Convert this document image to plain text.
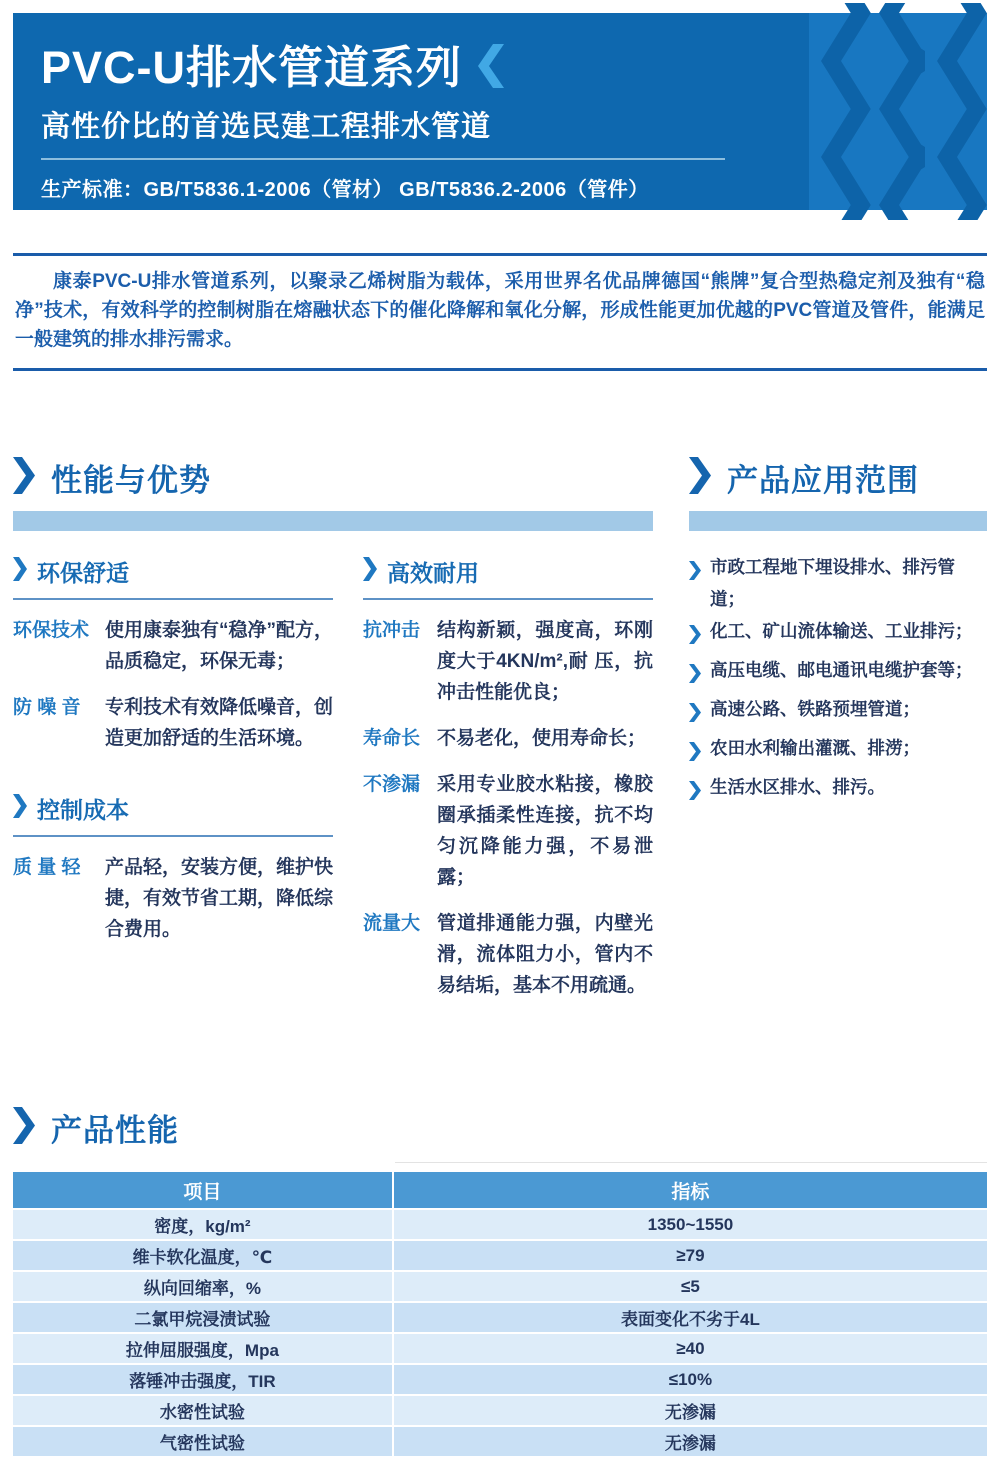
PVC-U排水管道系列
高性价比的首选民建工程排水管道
生产标准：GB/T5836.1-2006（管材） GB/T5836.2-2006（管件）

康泰PVC-U排水管道系列，以聚录乙烯树脂为载体，采用世界名优品牌德国“熊牌”复合型热稳定剂及独有“稳净”技术，有效科学的控制树脂在熔融状态下的催化降解和氧化分解，形成性能更加优越的PVC管道及管件，能满足一般建筑的排水排污需求。

性能与优势
环保舒适
环保技术 使用康泰独有“稳净”配方，品质稳定，环保无毒；
防 噪 音	专利技术有效降低噪音，创造更加舒适的生活环境。
控制成本
质 量 轻	产品轻，安装方便，维护快捷，有效节省工期，降低综合费用。
高效耐用
抗冲击 结构新颖，强度高，环刚度大于4KN/m²,耐 压，抗冲击性能优良；
寿命长 不易老化，使用寿命长；
不渗漏 采用专业胶水粘接，橡胶圈承插柔性连接，抗不均匀沉降能力强，不易泄露；
流量大 管道排通能力强，内壁光滑，流体阻力小，管内不易结垢，基本不用疏通。
产品应用范围
市政工程地下埋设排水、排污管道；
化工、矿山流体输送、工业排污；
高压电缆、邮电通讯电缆护套等；
高速公路、铁路预埋管道；
农田水利输出灌溉、排涝；
生活水区排水、排污。
产品性能
项目	指标
密度，kg/m²	1350~1550
维卡软化温度，℃	≥79
纵向回缩率，%	≤5
二氯甲烷浸渍试验	表面变化不劣于4L
拉伸屈服强度，Mpa	≥40
落锤冲击强度，TIR	≤10%
水密性试验	无渗漏
气密性试验	无渗漏
